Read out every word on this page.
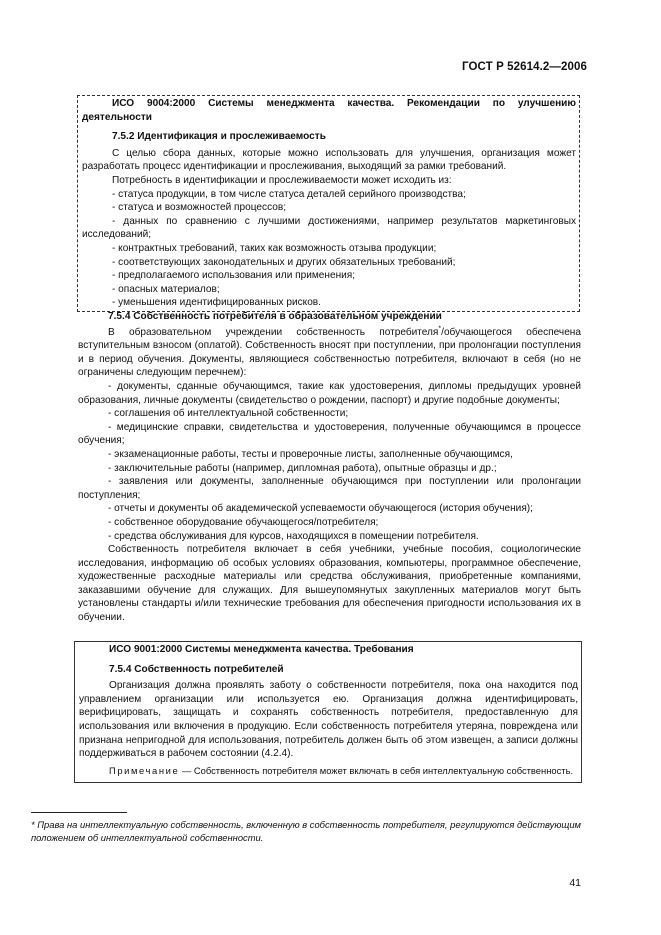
ГОСТ Р 52614.2—2006

ИСО 9004:2000 Системы менеджмента качества. Рекомендации по улучшению

деятельности

7.5.2 Идентификация и прослеживаемость

С целью сбора данных, которые можно использовать для улучшения, организация может разработать процесс идентификации и прослеживания, выходящий за рамки требований.

Потребность в идентификации и прослеживаемости может исходить из:

- статуса продукции, в том числе статуса деталей серийного производства;

- статуса и возможностей процессов;

- данных по сравнению с лучшими достижениями, например результатов маркетинговых исследований;

- контрактных требований, таких как возможность отзыва продукции;

- соответствующих законодательных и других обязательных требований;

- предполагаемого использования или применения;

- опасных материалов;

- уменьшения идентифицированных рисков.

7.5.4 Собственность потребителя в образовательном учреждении

В образовательном учреждении собственность потребителя*/обучающегося обеспечена вступительным взносом (оплатой). Собственность вносят при поступлении, при пролонгации поступления и в период обучения. Документы, являющиеся собственностью потребителя, включают в себя (но не ограничены следующим перечнем):

- документы, сданные обучающимся, такие как удостоверения, дипломы предыдущих уровней образования, личные документы (свидетельство о рождении, паспорт) и другие подобные документы;

- соглашения об интеллектуальной собственности;

- медицинские справки, свидетельства и удостоверения, полученные обучающимся в процессе обучения;

- экзаменационные работы, тесты и проверочные листы, заполненные обучающимся,

- заключительные работы (например, дипломная работа), опытные образцы и др.;

- заявления или документы, заполненные обучающимся при поступлении или пролонгации поступления;

- отчеты и документы об академической успеваемости обучающегося (история обучения);

- собственное оборудование обучающегося/потребителя;

- средства обслуживания для курсов, находящихся в помещении потребителя.

Собственность потребителя включает в себя учебники, учебные пособия, социологические исследования, информацию об особых условиях образования, компьютеры, программное обеспечение, художественные расходные материалы или средства обслуживания, приобретенные компаниями, заказавшими обучение для служащих. Для вышеупомянутых закупленных материалов могут быть установлены стандарты и/или технические требования для обеспечения пригодности использования их в обучении.

ИСО 9001:2000 Системы менеджмента качества. Требования

7.5.4 Собственность потребителей

Организация должна проявлять заботу о собственности потребителя, пока она находится под управлением организации или используется ею. Организация должна идентифицировать, верифицировать, защищать и сохранять собственность потребителя, предоставленную для использования или включения в продукцию. Если собственность потребителя утеряна, повреждена или признана непригодной для использования, потребитель должен быть об этом извещен, а записи должны поддерживаться в рабочем состоянии (4.2.4).

Примечание — Собственность потребителя может включать в себя интеллектуальную собственность.

* Права на интеллектуальную собственность, включенную в собственность потребителя, регулируются действующим положением об интеллектуальной собственности.

41
